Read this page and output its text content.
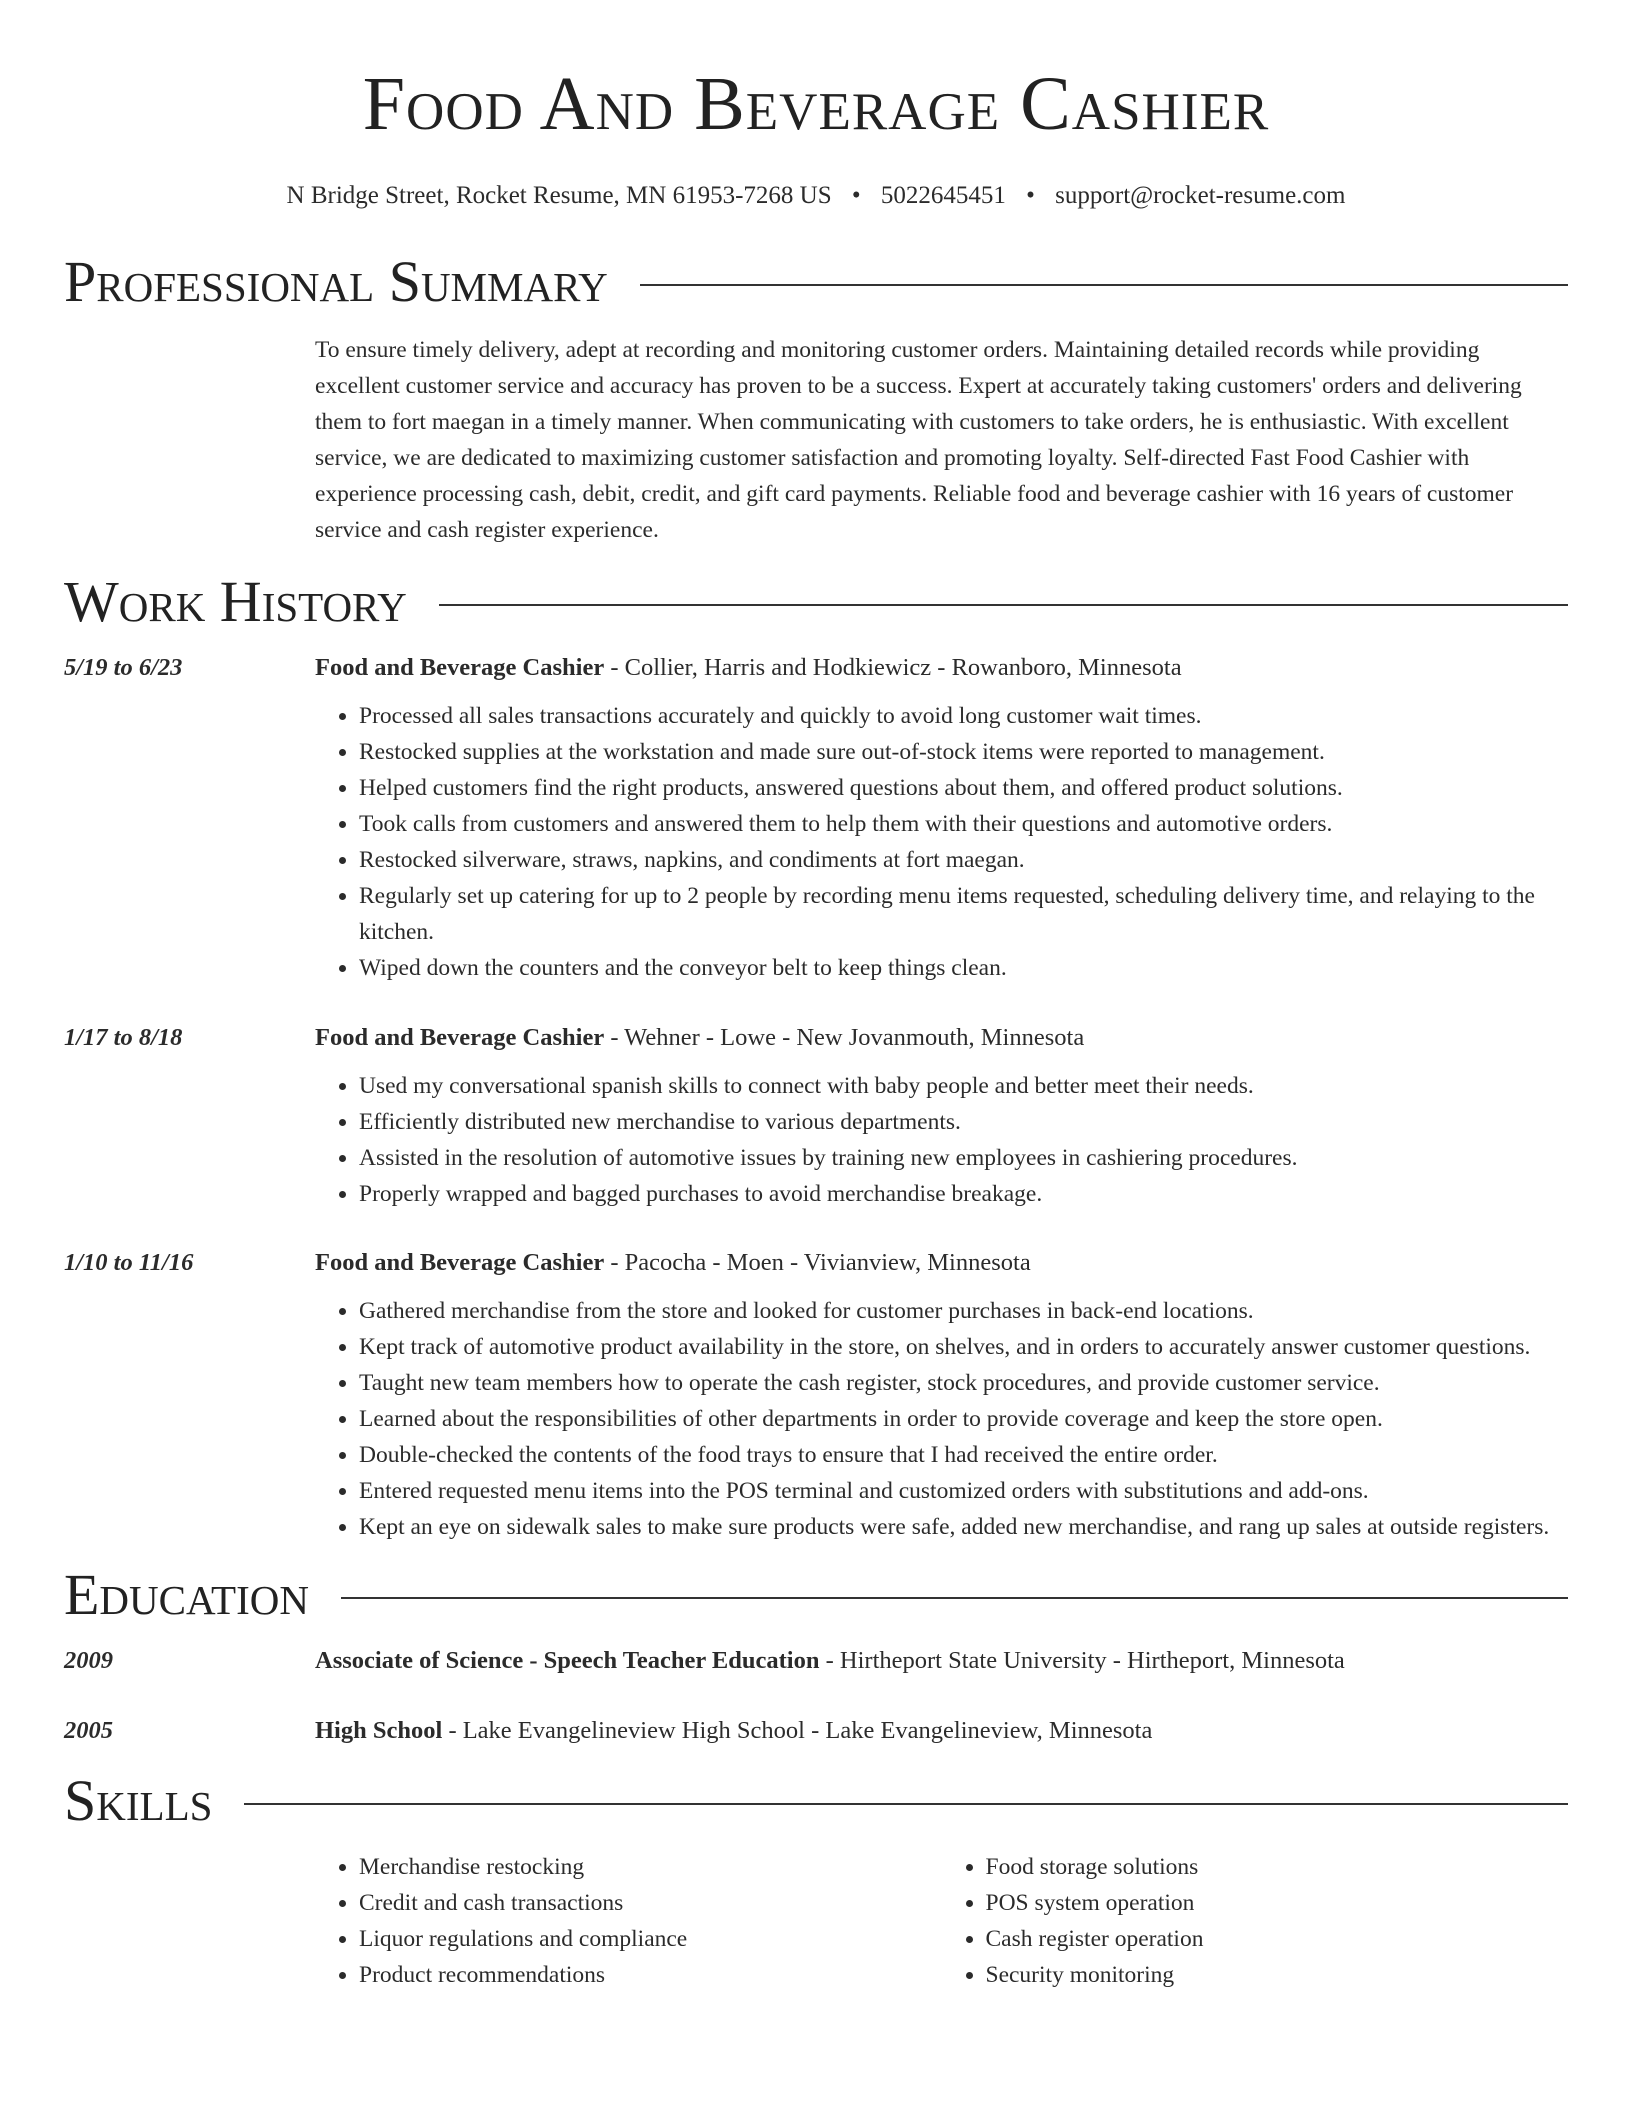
Food And Beverage Cashier
N Bridge Street, Rocket Resume, MN 61953-7268 US • 5022645451 • support@rocket-resume.com
Professional Summary
To ensure timely delivery, adept at recording and monitoring customer orders. Maintaining detailed records while providing excellent customer service and accuracy has proven to be a success. Expert at accurately taking customers' orders and delivering them to fort maegan in a timely manner. When communicating with customers to take orders, he is enthusiastic. With excellent service, we are dedicated to maximizing customer satisfaction and promoting loyalty. Self-directed Fast Food Cashier with experience processing cash, debit, credit, and gift card payments. Reliable food and beverage cashier with 16 years of customer service and cash register experience.
Work History
5/19 to 6/23	Food and Beverage Cashier - Collier, Harris and Hodkiewicz - Rowanboro, Minnesota
• Processed all sales transactions accurately and quickly to avoid long customer wait times.
• Restocked supplies at the workstation and made sure out-of-stock items were reported to management.
• Helped customers find the right products, answered questions about them, and offered product solutions.
• Took calls from customers and answered them to help them with their questions and automotive orders.
• Restocked silverware, straws, napkins, and condiments at fort maegan.
• Regularly set up catering for up to 2 people by recording menu items requested, scheduling delivery time, and relaying to the kitchen.
• Wiped down the counters and the conveyor belt to keep things clean.
1/17 to 8/18	Food and Beverage Cashier - Wehner - Lowe - New Jovanmouth, Minnesota
• Used my conversational spanish skills to connect with baby people and better meet their needs.
• Efficiently distributed new merchandise to various departments.
• Assisted in the resolution of automotive issues by training new employees in cashiering procedures.
• Properly wrapped and bagged purchases to avoid merchandise breakage.
1/10 to 11/16	Food and Beverage Cashier - Pacocha - Moen - Vivianview, Minnesota
• Gathered merchandise from the store and looked for customer purchases in back-end locations.
• Kept track of automotive product availability in the store, on shelves, and in orders to accurately answer customer questions.
• Taught new team members how to operate the cash register, stock procedures, and provide customer service.
• Learned about the responsibilities of other departments in order to provide coverage and keep the store open.
• Double-checked the contents of the food trays to ensure that I had received the entire order.
• Entered requested menu items into the POS terminal and customized orders with substitutions and add-ons.
• Kept an eye on sidewalk sales to make sure products were safe, added new merchandise, and rang up sales at outside registers.
Education
2009	Associate of Science - Speech Teacher Education - Hirtheport State University - Hirtheport, Minnesota
2005	High School - Lake Evangelineview High School - Lake Evangelineview, Minnesota
Skills
• Merchandise restocking
• Credit and cash transactions
• Liquor regulations and compliance
• Product recommendations
• Food storage solutions
• POS system operation
• Cash register operation
• Security monitoring
